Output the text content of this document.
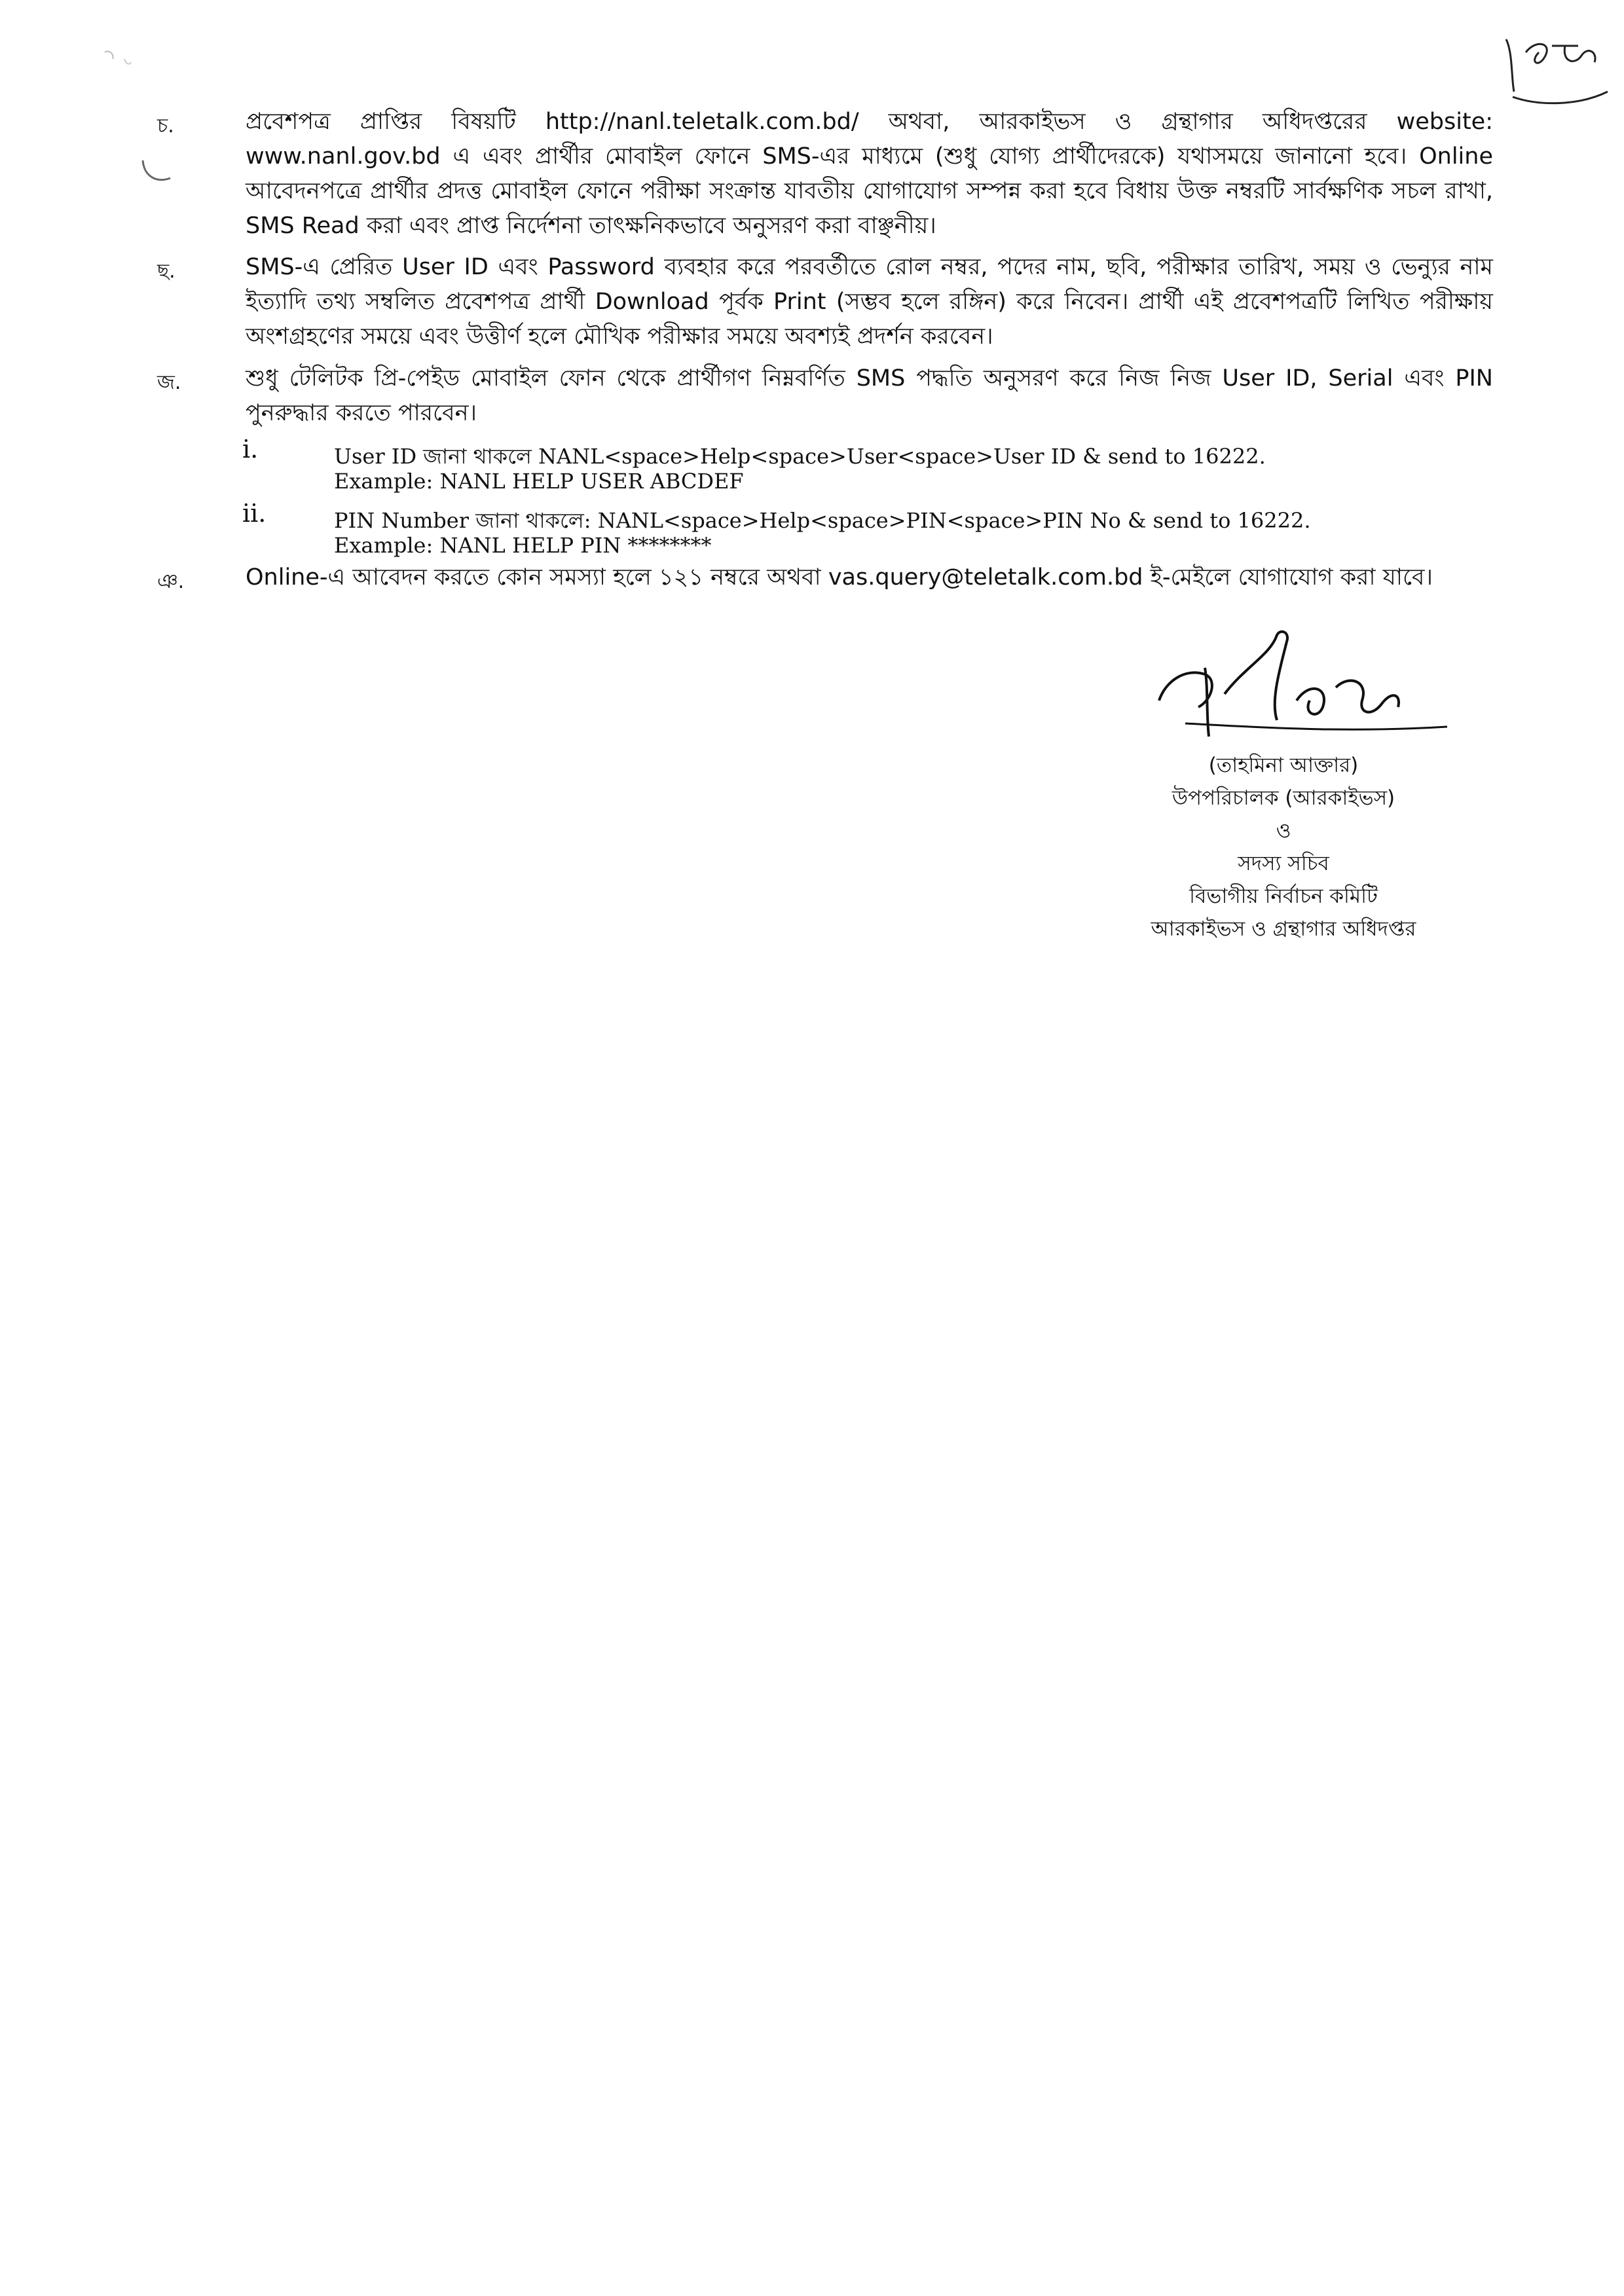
চ.	প্রবেশপত্র প্রাপ্তির বিষয়টি http://nanl.teletalk.com.bd/ অথবা, আরকাইভস ও গ্রন্থাগার অধিদপ্তরের website: www.nanl.gov.bd এ এবং প্রার্থীর মোবাইল ফোনে SMS-এর মাধ্যমে (শুধু যোগ্য প্রার্থীদেরকে) যথাসময়ে জানানো হবে। Online আবেদনপত্রে প্রার্থীর প্রদত্ত মোবাইল ফোনে পরীক্ষা সংক্রান্ত যাবতীয় যোগাযোগ সম্পন্ন করা হবে বিধায় উক্ত নম্বরটি সার্বক্ষণিক সচল রাখা, SMS Read করা এবং প্রাপ্ত নির্দেশনা তাৎক্ষনিকভাবে অনুসরণ করা বাঞ্ছনীয়।
ছ.	SMS-এ প্রেরিত User ID এবং Password ব্যবহার করে পরবর্তীতে রোল নম্বর, পদের নাম, ছবি, পরীক্ষার তারিখ, সময় ও ভেন্যুর নাম ইত্যাদি তথ্য সম্বলিত প্রবেশপত্র প্রার্থী Download পূর্বক Print (সম্ভব হলে রঙ্গিন) করে নিবেন। প্রার্থী এই প্রবেশপত্রটি লিখিত পরীক্ষায় অংশগ্রহণের সময়ে এবং উত্তীর্ণ হলে মৌখিক পরীক্ষার সময়ে অবশ্যই প্রদর্শন করবেন।
জ.	শুধু টেলিটক প্রি-পেইড মোবাইল ফোন থেকে প্রার্থীগণ নিম্নবর্ণিত SMS পদ্ধতি অনুসরণ করে নিজ নিজ User ID, Serial এবং PIN পুনরুদ্ধার করতে পারবেন।
i.	User ID জানা থাকলে NANL<space>Help<space>User<space>User ID & send to 16222.
Example: NANL HELP USER ABCDEF
ii.	PIN Number জানা থাকলে: NANL<space>Help<space>PIN<space>PIN No & send to 16222.
Example: NANL HELP PIN ********
ঞ.	Online-এ আবেদন করতে কোন সমস্যা হলে ১২১ নম্বরে অথবা vas.query@teletalk.com.bd ই-মেইলে যোগাযোগ করা যাবে।
(তাহমিনা আক্তার)
উপপরিচালক (আরকাইভস)
ও
সদস্য সচিব
বিভাগীয় নির্বাচন কমিটি
আরকাইভস ও গ্রন্থাগার অধিদপ্তর
